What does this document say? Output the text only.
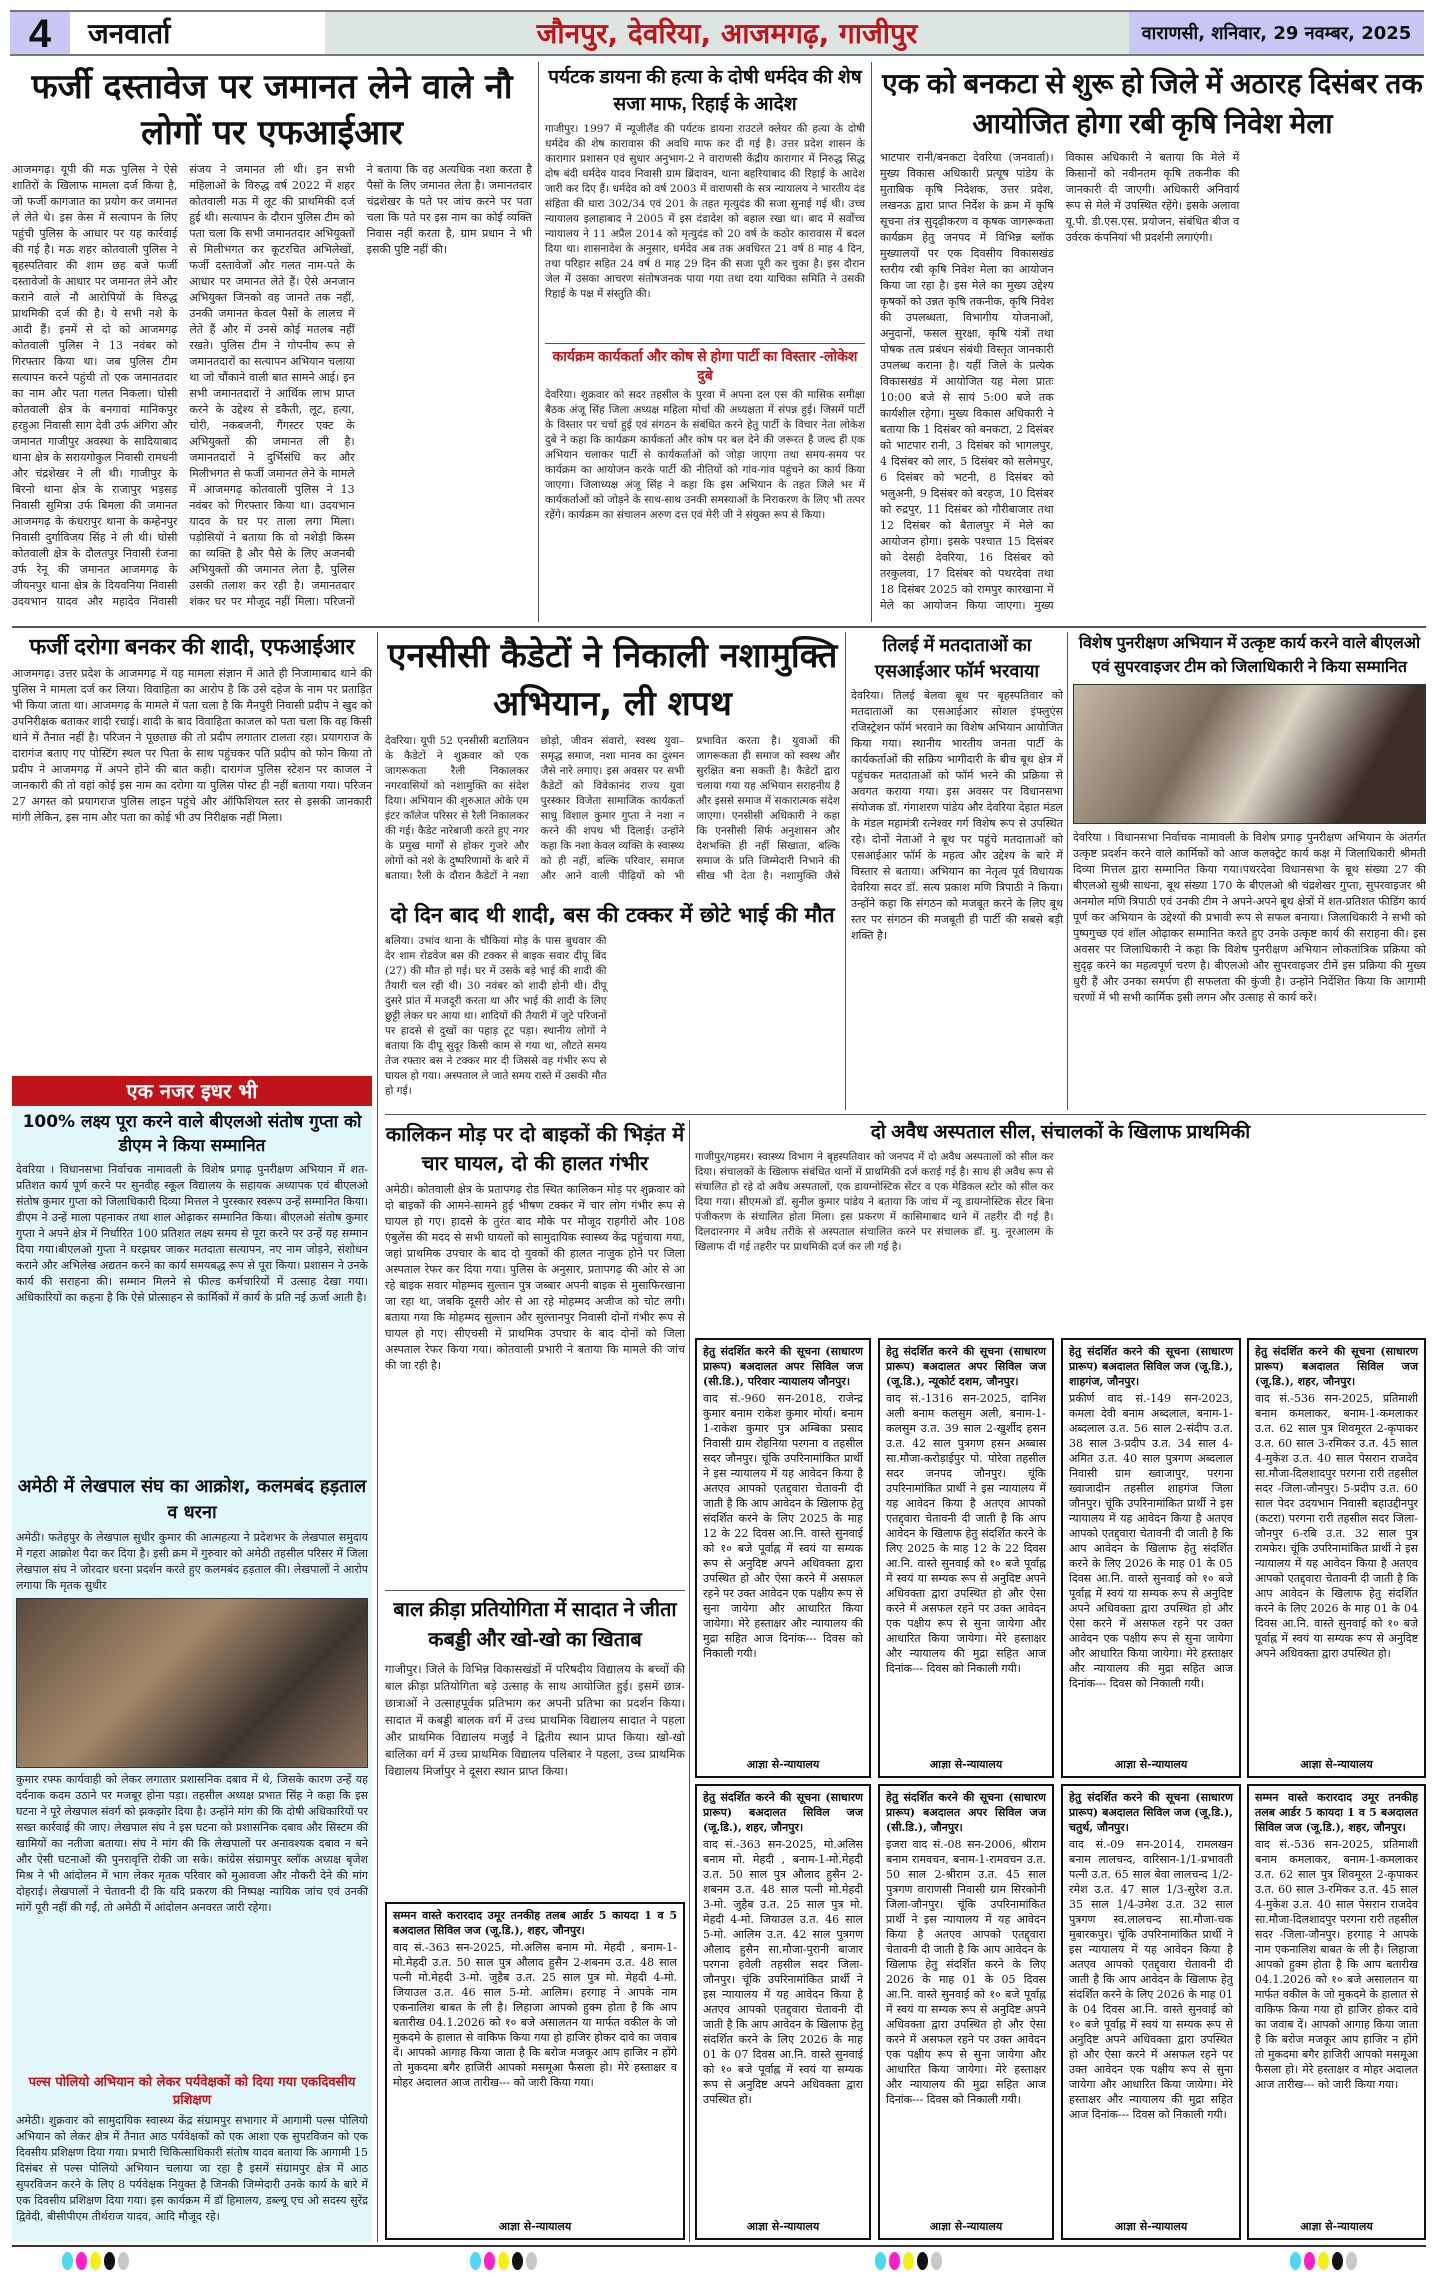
4	जनवार्ता	जौनपुर, देवरिया, आजमगढ़, गाजीपुर	वाराणसी, शनिवार, 29 नवम्बर, 2025
फर्जी दस्तावेज पर जमानत लेने वाले नौ लोगों पर एफआईआर
आजमगढ़। यूपी की मऊ पुलिस ने ऐसे शातिरों के खिलाफ मामला दर्ज किया है, जो फर्जी कागजात का प्रयोग कर जमानत ले लेते थे। इस केस में सत्यापन के लिए पहुंची पुलिस के आधार पर यह कार्रवाई की गई है। मऊ शहर कोतवाली पुलिस ने बृहस्पतिवार की शाम छह बजे फर्जी दस्तावेजों के आधार पर जमानत लेने और कराने वाले नौ आरोपियों के विरुद्ध प्राथमिकी दर्ज की है। ये सभी नशे के आदी हैं। इनमें से दो को आजमगढ़ कोतवाली पुलिस ने 13 नवंबर को गिरफ्तार किया था। जब पुलिस टीम सत्यापन करने पहुंची तो एक जमानतदार का नाम और पता गलत निकला। घोसी कोतवाली क्षेत्र के बनगावां मानिकपुर हरहुआ निवासी साग देवी उर्फ अंगिरा और जमानत गाजीपुर अवस्था के सादियाबाद थाना क्षेत्र के सरायगोकुल निवासी रामधनी और चंद्रशेखर ने ली थी। गाजीपुर के बिरनो थाना क्षेत्र के राजापुर भड़सड़ निवासी सुमित्रा उर्फ बिमला की जमानत आजमगढ़ के कंधरापुर थाना के कम्हेनपुर निवासी दुर्गाविजय सिंह ने ली थी। घोसी कोतवाली क्षेत्र के दौलतपुर निवासी रंजना उर्फ रेनू की जमानत आजमगढ़ के जीयनपुर थाना क्षेत्र के दियवनिया निवासी उदयभान यादव और महादेव निवासी संजय ने जमानत ली थी। इन सभी महिलाओं के विरुद्ध वर्ष 2022 में शहर कोतवाली मऊ में लूट की प्राथमिकी दर्ज हुई थी। सत्यापन के दौरान पुलिस टीम को पता चला कि सभी जमानतदार अभियुक्तों से मिलीभगत कर कूटरचित अभिलेखों, फर्जी दस्तावेजों और गलत नाम-पते के आधार पर जमानत लेते हैं। ऐसे अनजान अभियुक्त जिनको वह जानते तक नहीं, उनकी जमानत केवल पैसों के लालच में लेते हैं और में उनसे कोई मतलब नहीं रखते। पुलिस टीम ने गोपनीय रूप से जमानतदारों का सत्यापन अभियान चलाया था जो चौंकाने वाली बात सामने आई। इन सभी जमानतदारों ने आर्थिक लाभ प्राप्त करने के उद्देश्य से डकैती, लूट, हत्या, चोरी, नकबजनी, गैंगस्टर एक्ट के अभियुक्तों की जमानत ली है। जमानतदारों ने दुर्भिसंधि कर और मिलीभगत से फर्जी जमानत लेने के मामले में आजमगढ़ कोतवाली पुलिस ने 13 नवंबर को गिरफ्तार किया था। उदयभान यादव के घर पर ताला लगा मिला। पड़ोसियों ने बताया कि वो नशेड़ी किस्म का व्यक्ति है और पैसे के लिए अजनबी अभियुक्तों की जमानत लेता है, पुलिस उसकी तलाश कर रही है। जमानतदार शंकर घर पर मौजूद नहीं मिला। परिजनों ने बताया कि वह अत्यधिक नशा करता है पैसों के लिए जमानत लेता है। जमानतदार चंद्रशेखर के पते पर जांच करने पर पता चला कि पते पर इस नाम का कोई व्यक्ति निवास नहीं करता है, ग्राम प्रधान ने भी इसकी पुष्टि नहीं की।
पर्यटक डायना की हत्या के दोषी धर्मदेव की शेष सजा माफ, रिहाई के आदेश
गाजीपुर। 1997 में न्यूजीलैंड की पर्यटक डायना राउटले क्लेयर की हत्या के दोषी धर्मदेव की शेष कारावास की अवधि माफ कर दी गई है। उत्तर प्रदेश शासन के कारागार प्रशासन एवं सुधार अनुभाग-2 ने वाराणसी केंद्रीय कारागार में निरुद्ध सिद्ध दोष बंदी धर्मदेव यादव निवासी ग्राम ब्रिंदावन, थाना बहरियाबाद की रिहाई के आदेश जारी कर दिए हैं। धर्मदेव को वर्ष 2003 में वाराणसी के सत्र न्यायालय ने भारतीय दंड संहिता की धारा 302/34 एवं 201 के तहत मृत्युदंड की सजा सुनाई गई थी। उच्च न्यायालय इलाहाबाद ने 2005 में इस दंडादेश को बहाल रखा था। बाद में सर्वोच्च न्यायालय ने 11 अप्रैल 2014 को मृत्युदंड को 20 वर्ष के कठोर कारावास में बदल दिया था। शासनादेश के अनुसार, धर्मदेव अब तक अवधिरत 21 वर्ष 8 माह 4 दिन, तथा परिहार सहित 24 वर्ष 8 माह 29 दिन की सजा पूरी कर चुका है। इस दौरान जेल में उसका आचरण संतोषजनक पाया गया तथा दया याचिका समिति ने उसकी रिहाई के पक्ष में संस्तुति की।
कार्यक्रम कार्यकर्ता और कोष से होगा पार्टी का विस्तार -लोकेश दुबे
देवरिया। शुक्रवार को सदर तहसील के पुरवा में अपना दल एस की मासिक समीक्षा बैठक अंजू सिंह जिला अध्यक्ष महिला मोर्चा की अध्यक्षता में संपन्न हुई। जिसमें पार्टी के विस्तार पर चर्चा हुई एवं संगठन के संबंधित करने हेतु पार्टी के विचार नेता लोकेश दुबे ने कहा कि कार्यक्रम कार्यकर्ता और कोष पर बल देने की जरूरत है जल्द ही एक अभियान चलाकर पार्टी से कार्यकर्ताओं को जोड़ा जाएगा तथा समय-समय पर कार्यक्रम का आयोजन करके पार्टी की नीतियों को गांव-गांव पहुंचने का कार्य किया जाएगा। जिलाध्यक्ष अंजू सिंह ने कहा कि इस अभियान के तहत जिले भर में कार्यकर्ताओं को जोड़ने के साथ-साथ उनकी समस्याओं के निराकरण के लिए भी तत्पर रहेंगे। कार्यक्रम का संचालन अरुण दत्त एवं मेरी जी ने संयुक्त रूप से किया।
एक को बनकटा से शुरू हो जिले में अठारह दिसंबर तक आयोजित होगा रबी कृषि निवेश मेला
भाटपार रानी/बनकटा देवरिया (जनवार्ता)। मुख्य विकास अधिकारी प्रत्यूष पांडेय के मुताबिक कृषि निदेशक, उत्तर प्रदेश, लखनऊ द्वारा प्राप्त निर्देश के क्रम में कृषि सूचना तंत्र सुदृढ़ीकरण व कृषक जागरूकता कार्यक्रम हेतु जनपद में विभिन्न ब्लॉक मुख्यालयों पर एक दिवसीय विकासखंड स्तरीय रबी कृषि निवेश मेला का आयोजन किया जा रहा है। इस मेले का मुख्य उद्देश्य कृषकों को उन्नत कृषि तकनीक, कृषि निवेश की उपलब्धता, विभागीय योजनाओं, अनुदानों, फसल सुरक्षा, कृषि यंत्रों तथा पोषक तत्व प्रबंधन संबंधी विस्तृत जानकारी उपलब्ध कराना है। यहीं जिले के प्रत्येक विकासखंड में आयोजित यह मेला प्रातः 10:00 बजे से सायं 5:00 बजे तक कार्यशील रहेगा। मुख्य विकास अधिकारी ने बताया कि 1 दिसंबर को बनकटा, 2 दिसंबर को भाटपार रानी, 3 दिसंबर को भागलपुर, 4 दिसंबर को लार, 5 दिसंबर को सलेमपुर, 6 दिसंबर को भटनी, 8 दिसंबर को भलुअनी, 9 दिसंबर को बरहज, 10 दिसंबर को रुद्रपुर, 11 दिसंबर को गौरीबाजार तथा 12 दिसंबर को बैतालपुर में मेले का आयोजन होगा। इसके पश्चात 15 दिसंबर को देसही देवरिया, 16 दिसंबर को तरकुलवा, 17 दिसंबर को पथरदेवा तथा 18 दिसंबर 2025 को रामपुर कारखाना में मेले का आयोजन किया जाएगा। मुख्य विकास अधिकारी ने बताया कि मेले में किसानों को नवीनतम कृषि तकनीक की जानकारी दी जाएगी। अधिकारी अनिवार्य रूप से मेले में उपस्थित रहेंगे। इसके अलावा यू.पी. डी.एस.एस. प्रयोजन, संबंधित बीज व उर्वरक कंपनियां भी प्रदर्शनी लगाएंगी।
फर्जी दरोगा बनकर की शादी, एफआईआर
आजमगढ़। उत्तर प्रदेश के आजमगढ़ में यह मामला संज्ञान में आते ही निजामाबाद थाने की पुलिस ने मामला दर्ज कर लिया। विवाहिता का आरोप है कि उसे दहेज के नाम पर प्रताड़ित भी किया जाता था। आजमगढ़ के मामले में पता चला है कि मैनपुरी निवासी प्रदीप ने खुद को उपनिरीक्षक बताकर शादी रचाई। शादी के बाद विवाहिता काजल को पता चला कि वह किसी थाने में तैनात नहीं है। परिजन ने पूछताछ की तो प्रदीप लगातार टालता रहा। प्रयागराज के दारागंज बताए गए पोस्टिंग स्थल पर पिता के साथ पहुंचकर पति प्रदीप को फोन किया तो प्रदीप ने आजमगढ़ में अपने होने की बात कही। दारागंज पुलिस स्टेशन पर काजल ने जानकारी की तो वहां कोई इस नाम का दरोगा या पुलिस पोस्ट ही नहीं बताया गया। परिजन 27 अगस्त को प्रयागराज पुलिस लाइन पहुंचे और ऑफिशियल स्तर से इसकी जानकारी मांगी लेकिन, इस नाम और पता का कोई भी उप निरीक्षक नहीं मिला।
एनसीसी कैडेटों ने निकाली नशामुक्ति अभियान, ली शपथ
देवरिया। यूपी 52 एनसीसी बटालियन के कैडेटों ने शुक्रवार को एक जागरूकता रैली निकालकर नगरवासियों को नशामुक्ति का संदेश दिया। अभियान की शुरुआत ओके एम इंटर कॉलेज परिसर से रैली निकालकर की गई। कैडेट नारेबाजी करते हुए नगर के प्रमुख मार्गों से होकर गुजरे और लोगों को नशे के दुष्परिणामों के बारे में बताया। रैली के दौरान कैडेटों ने नशा छोड़ो, जीवन संवारो, स्वस्थ युवा–समृद्ध समाज, नशा मानव का दुश्मन जैसे नारे लगाए। इस अवसर पर सभी कैडेटों को विवेकानंद राज्य युवा पुरस्कार विजेता सामाजिक कार्यकर्ता साधु विशाल कुमार गुप्ता ने नशा न करने की शपथ भी दिलाई। उन्होंने कहा कि नशा केवल व्यक्ति के स्वास्थ्य को ही नहीं, बल्कि परिवार, समाज और आने वाली पीढ़ियों को भी प्रभावित करता है। युवाओं की जागरूकता ही समाज को स्वस्थ और सुरक्षित बना सकती है। कैडेटों द्वारा चलाया गया यह अभियान सराहनीय है और इससे समाज में सकारात्मक संदेश जाएगा। एनसीसी अधिकारी ने कहा कि एनसीसी सिर्फ अनुशासन और देशभक्ति ही नहीं सिखाता, बल्कि समाज के प्रति जिम्मेदारी निभाने की सीख भी देता है। नशामुक्ति जैसे
तिलई में मतदाताओं का एसआईआर फॉर्म भरवाया
देवरिया। तिलई बेलवा बूथ पर बृहस्पतिवार को मतदाताओं का एसआईआर सोशल इंफ्लुएंस रजिस्ट्रेशन फॉर्म भरवाने का विशेष अभियान आयोजित किया गया। स्थानीय भारतीय जनता पार्टी के कार्यकर्ताओं की सक्रिय भागीदारी के बीच बूथ क्षेत्र में पहुंचकर मतदाताओं को फॉर्म भरने की प्रक्रिया से अवगत कराया गया। इस अवसर पर विधानसभा संयोजक डॉ. गंगाशरण पांडेय और देवरिया देहात मंडल के मंडल महामंत्री रत्नेश्वर गर्ग विशेष रूप से उपस्थित रहे। दोनों नेताओं ने बूथ पर पहुंचे मतदाताओं को एसआईआर फॉर्म के महत्व और उद्देश्य के बारे में विस्तार से बताया। अभियान का नेतृत्व पूर्व विधायक देवरिया सदर डॉ. सत्य प्रकाश मणि त्रिपाठी ने किया। उन्होंने कहा कि संगठन को मजबूत करने के लिए बूथ स्तर पर संगठन की मजबूती ही पार्टी की सबसे बड़ी शक्ति है।
विशेष पुनरीक्षण अभियान में उत्कृष्ट कार्य करने वाले बीएलओ एवं सुपरवाइजर टीम को जिलाधिकारी ने किया सम्मानित
देवरिया । विधानसभा निर्वाचक नामावली के विशेष प्रगाढ़ पुनरीक्षण अभियान के अंतर्गत उत्कृष्ट प्रदर्शन करने वाले कार्मिकों को आज कलक्ट्रेट कार्य कक्ष में जिलाधिकारी श्रीमती दिव्या मित्तल द्वारा सम्मानित किया गया।पथरदेवा विधानसभा के बूथ संख्या 27 की बीएलओ सुश्री साधना, बूथ संख्या 170 के बीएलओ श्री चंद्रशेखर गुप्ता, सुपरवाइजर श्री अनमोल मणि त्रिपाठी एवं उनकी टीम ने अपने-अपने बूथ क्षेत्रों में शत-प्रतिशत फीडिंग कार्य पूर्ण कर अभियान के उद्देश्यों की प्रभावी रूप से सफल बनाया। जिलाधिकारी ने सभी को पुष्पगुच्छ एवं शॉल ओढ़ाकर सम्मानित करते हुए उनके उत्कृष्ट कार्य की सराहना की। इस अवसर पर जिलाधिकारी ने कहा कि विशेष पुनरीक्षण अभियान लोकतांत्रिक प्रक्रिया को सुदृढ़ करने का महत्वपूर्ण चरण है। बीएलओ और सुपरवाइजर टीमें इस प्रक्रिया की मुख्य धुरी हैं और उनका समर्पण ही सफलता की कुंजी है। उन्होंने निर्देशित किया कि आगामी चरणों में भी सभी कार्मिक इसी लगन और उत्साह से कार्य करें।
दो दिन बाद थी शादी, बस की टक्कर में छोटे भाई की मौत
बलिया। उभांव थाना के चौकियां मोड़ के पास बुधवार की देर शाम रोडवेज बस की टक्कर से बाइक सवार दीपू बिंद (27) की मौत हो गई। घर में उसके बड़े भाई की शादी की तैयारी चल रही थी। 30 नवंबर को शादी होनी थी। दीपू दुसरे प्रांत में मजदूरी करता था और भाई की शादी के लिए छुट्टी लेकर घर आया था। शादियों की तैयारी में जुटे परिजनों पर हादसे से दुखों का पहाड़ टूट पड़ा। स्थानीय लोगों ने बताया कि दीपू सुदूर किसी काम से गया था, लौटते समय तेज रफ्तार बस ने टक्कर मार दी जिससे वह गंभीर रूप से घायल हो गया। अस्पताल ले जाते समय रास्ते में उसकी मौत हो गई।
एक नजर इधर भी
100% लक्ष्य पूरा करने वाले बीएलओ संतोष गुप्ता को डीएम ने किया सम्मानित
देवरिया । विधानसभा निर्वाचक नामावली के विशेष प्रगाढ़ पुनरीक्षण अभियान में शत-प्रतिशत कार्य पूर्ण करने पर सुनवीह स्कूल विद्यालय के सहायक अध्यापक एवं बीएलओ संतोष कुमार गुप्ता को जिलाधिकारी दिव्या मित्तल ने पुरस्कार स्वरूप उन्हें सम्मानित किया। डीएम ने उन्हें माला पहनाकर तथा शाल ओढ़ाकर सम्मानित किया। बीएलओ संतोष कुमार गुप्ता ने अपने क्षेत्र में निर्धारित 100 प्रतिशत लक्ष्य समय से पूरा करने पर उन्हें यह सम्मान दिया गया।बीएलओ गुप्ता ने घरझघर जाकर मतदाता सत्यापन, नए नाम जोड़ने, संशोधन कराने और अभिलेख अद्यतन करने का कार्य समयबद्ध रूप से पूरा किया। प्रशासन ने उनके कार्य की सराहना की। सम्मान मिलने से फील्ड कर्मचारियों में उत्साह देखा गया। अधिकारियों का कहना है कि ऐसे प्रोत्साहन से कार्मिकों में कार्य के प्रति नई ऊर्जा आती है।
अमेठी में लेखपाल संघ का आक्रोश, कलमबंद हड़ताल व धरना
अमेठी। फतेहपुर के लेखपाल सुधीर कुमार की आत्महत्या ने प्रदेशभर के लेखपाल समुदाय में गहरा आक्रोश पैदा कर दिया है। इसी क्रम में गुरुवार को अमेठी तहसील परिसर में जिला लेखपाल संघ ने जोरदार धरना प्रदर्शन करते हुए कलमबंद हड़ताल की। लेखपालों ने आरोप लगाया कि मृतक सुधीर
कुमार रफ्फ कार्यवाही को लेकर लगातार प्रशासनिक दबाव में थे, जिसके कारण उन्हें यह दर्दनाक कदम उठाने पर मजबूर होना पड़ा। तहसील अध्यक्ष प्रभात सिंह ने कहा कि इस घटना ने पूरे लेखपाल संवर्ग को झकझोर दिया है। उन्होंने मांग की कि दोषी अधिकारियों पर सख्त कार्रवाई की जाए। लेखपाल संघ ने इस घटना को प्रशासनिक दबाव और सिस्टम की खामियों का नतीजा बताया। संघ ने मांग की कि लेखपालों पर अनावश्यक दबाव न बने और ऐसी घटनाओं की पुनरावृत्ति रोकी जा सके। कांग्रेस संग्रामपुर ब्लॉक अध्यक्ष बृजेश मिश्र ने भी आंदोलन में भाग लेकर मृतक परिवार को मुआवजा और नौकरी देने की मांग दोहराई। लेखपालों ने चेतावनी दी कि यदि प्रकरण की निष्पक्ष न्यायिक जांच एवं उनकी मांगें पूरी नहीं की गईं, तो अमेठी में आंदोलन अनवरत जारी रहेगा।
पल्स पोलियो अभियान को लेकर पर्यवेक्षकों को दिया गया एकदिवसीय प्रशिक्षण
अमेठी। शुक्रवार को सामुदायिक स्वास्थ्य केंद्र संग्रामपुर सभागार में आगामी पल्स पोलियो अभियान को लेकर क्षेत्र में तैनात आठ पर्यवेक्षकों को एक आशा एक सुपरविजन को एक दिवसीय प्रशिक्षण दिया गया। प्रभारी चिकित्साधिकारी संतोष यादव बताया कि आगामी 15 दिसंबर से पल्स पोलियो अभियान चलाया जा रहा है इसमें संग्रामपुर क्षेत्र में आठ सुपरविजन करने के लिए 8 पर्यवेक्षक नियुक्त है जिनकी जिम्मेदारी उनके कार्य के बारे में एक दिवसीय प्रशिक्षण दिया गया। इस कार्यक्रम में डॉ हिमालय, डब्ल्यू एच ओ सदस्य सुरेंद्र द्विवेदी, बीसीपीएम तीर्थराज यादव, आदि मौजूद रहे।
कालिकन मोड़ पर दो बाइकों की भिड़ंत में चार घायल, दो की हालत गंभीर
अमेठी। कोतवाली क्षेत्र के प्रतापगढ़ रोड स्थित कालिकन मोड़ पर शुक्रवार को दो बाइकों की आमने-सामने हुई भीषण टक्कर में चार लोग गंभीर रूप से घायल हो गए। हादसे के तुरंत बाद मौके पर मौजूद राहगीरों और 108 एंबुलेंस की मदद से सभी घायलों को सामुदायिक स्वास्थ्य केंद्र पहुंचाया गया, जहां प्राथमिक उपचार के बाद दो युवकों की हालत नाजुक होने पर जिला अस्पताल रेफर कर दिया गया। पुलिस के अनुसार, प्रतापगढ़ की ओर से आ रहे बाइक सवार मोहम्मद सुल्तान पुत्र जब्बार अपनी बाइक से मुसाफिरखाना जा रहा था, जबकि दूसरी ओर से आ रहे मोहम्मद अजीज को चोट लगी। बताया गया कि मोहम्मद सुल्तान और सुल्तानपुर निवासी दोनों गंभीर रूप से घायल हो गए। सीएचसी में प्राथमिक उपचार के बाद दोनों को जिला अस्पताल रेफर किया गया। कोतवाली प्रभारी ने बताया कि मामले की जांच की जा रही है।
बाल क्रीड़ा प्रतियोगिता में सादात ने जीता कबड्डी और खो-खो का खिताब
गाजीपुर। जिले के विभिन्न विकासखंडों में परिषदीय विद्यालय के बच्चों की बाल क्रीड़ा प्रतियोगिता बड़े उत्साह के साथ आयोजित हुई। इसमें छात्र-छात्राओं ने उत्साहपूर्वक प्रतिभाग कर अपनी प्रतिभा का प्रदर्शन किया। सादात में कबड्डी बालक वर्ग में उच्च प्राथमिक विद्यालय सादात ने पहला और प्राथमिक विद्यालय मजुईं ने द्वितीय स्थान प्राप्त किया। खो-खो बालिका वर्ग में उच्च प्राथमिक विद्यालय पलिबार ने पहला, उच्च प्राथमिक विद्यालय मिर्जापुर ने दूसरा स्थान प्राप्त किया।
दो अवैध अस्पताल सील, संचालकों के खिलाफ प्राथमिकी
गाजीपुर/गहमर। स्वास्थ्य विभाग ने बृहस्पतिवार को जनपद में दो अवैध अस्पतालों को सील कर दिया। संचालकों के खिलाफ संबंधित थानों में प्राथमिकी दर्ज कराई गई है। साथ ही अवैध रूप से संचालित हो रहे दो अवैध अस्पतालों, एक डायग्नोस्टिक सेंटर व एक मेडिकल स्टोर को सील कर दिया गया। सीएमओ डॉ. सुनील कुमार पांडेय ने बताया कि जांच में न्यू डायग्नोस्टिक सेंटर बिना पंजीकरण के संचालित होता मिला। इस प्रकरण में कासिमाबाद थाने में तहरीर दी गई है। दिलदारनगर में अवैध तरीके से अस्पताल संचालित करने पर संचालक डॉ. मु. नूरआलम के खिलाफ दी गई तहरीर पर प्राथमिकी दर्ज कर ली गई है।
हेतु संदर्शित करने की सूचना (साधारण प्रारूप) बअदालत अपर सिविल जज (सी.डि.), परिवार न्यायालय जौनपुर।
वाद सं.-960 सन-2018, राजेन्द्र कुमार बनाम राकेश कुमार मोर्या। बनाम 1-राकेश कुमार पुत्र अम्बिका प्रसाद निवासी ग्राम रोहनिया परगना व तहसील सदर जौनपुर। चूंकि उपरिनामांकित प्रार्थी ने इस न्यायालय में यह आवेदन किया है अतएव आपको एतद्द्वारा चेतावनी दी जाती है कि आप आवेदन के खिलाफ हेतु संदर्शित करने के लिए 2025 के माह 12 के 22 दिवस आ.नि. वास्ते सुनवाई को १० बजे पूर्वाह्न में स्वयं या सम्यक रूप से अनुदिष्ट अपने अधिवक्ता द्वारा उपस्थित हो और ऐसा करने में असफल रहने पर उक्त आवेदन एक पक्षीय रूप से सुना जायेगा और आधारित किया जायेगा। मेरे हस्ताक्षर और न्यायालय की मुद्रा सहित आज दिनांक--- दिवस को निकाली गयी।
आज्ञा से-न्यायालय
हेतु संदर्शित करने की सूचना (साधारण प्रारूप) बअदालत अपर सिविल जज (जू.डि.), न्यूकोर्ट दशम, जौनपुर।
वाद सं.-1316 सन-2025, दानिश अली बनाम कलसुम अली, बनाम-1-कलसुम उ.त. 39 साल 2-खुर्शीद हसन उ.त. 42 साल पुत्रगण हसन अब्बास सा.मौजा-करोड़ाईपुर पो. पोरेवा तहसील सदर जनपद जौनपुर। चूंकि उपरिनामांकित प्रार्थी ने इस न्यायालय में यह आवेदन किया है अतएव आपको एतद्द्वारा चेतावनी दी जाती है कि आप आवेदन के खिलाफ हेतु संदर्शित करने के लिए 2025 के माह 12 के 22 दिवस आ.नि. वास्ते सुनवाई को १० बजे पूर्वाह्न में स्वयं या सम्यक रूप से अनुदिष्ट अपने अधिवक्ता द्वारा उपस्थित हो और ऐसा करने में असफल रहने पर उक्त आवेदन एक पक्षीय रूप से सुना जायेगा और आधारित किया जायेगा। मेरे हस्ताक्षर और न्यायालय की मुद्रा सहित आज दिनांक--- दिवस को निकाली गयी।
आज्ञा से-न्यायालय
हेतु संदर्शित करने की सूचना (साधारण प्रारूप) बअदालत सिविल जज (जू.डि.), शाहगंज, जौनपुर।
प्रकीर्ण वाद सं.-149 सन-2023, कमला देवी बनाम अब्दलाल, बनाम-1-अब्दलाल उ.त. 56 साल 2-संदीप उ.त. 38 साल 3-प्रदीप उ.त. 34 साल 4-अमित उ.त. 40 साल पुत्रगण अब्दलाल निवासी ग्राम ख्वाजापुर, परगना ख्वाजादीन तहसील शाहगंज जिला जौनपुर। चूंकि उपरिनामांकित प्रार्थी ने इस न्यायालय में यह आवेदन किया है अतएव आपको एतद्द्वारा चेतावनी दी जाती है कि आप आवेदन के खिलाफ हेतु संदर्शित करने के लिए 2026 के माह 01 के 05 दिवस आ.नि. वास्ते सुनवाई को १० बजे पूर्वाह्न में स्वयं या सम्यक रूप से अनुदिष्ट अपने अधिवक्ता द्वारा उपस्थित हो और ऐसा करने में असफल रहने पर उक्त आवेदन एक पक्षीय रूप से सुना जायेगा और आधारित किया जायेगा। मेरे हस्ताक्षर और न्यायालय की मुद्रा सहित आज दिनांक--- दिवस को निकाली गयी।
आज्ञा से-न्यायालय
हेतु संदर्शित करने की सूचना (साधारण प्रारूप) बअदालत सिविल जज (जू.डि.), शहर, जौनपुर।
वाद सं.-536 सन-2025, प्रतिमाशी बनाम कमलाकर, बनाम-1-कमलाकर उ.त. 62 साल पुत्र शिवमूरत 2-कृपाकर उ.त. 60 साल 3-रमिकर उ.त. 45 साल 4-मुकेश उ.त. 40 साल पेसरान राजदेव सा.मौजा-दिलशादपुर परगना रारी तहसील सदर -जिला-जौनपुर। 5-प्रदीप उ.त. 60 साल पेदर उदयभान निवासी बहाउद्दीनपुर (कटरा) परगना रारी तहसील सदर जिला-जौनपुर 6-रबि उ.त. 32 साल पुत्र रामफेर। चूंकि उपरिनामांकित प्रार्थी ने इस न्यायालय में यह आवेदन किया है अतएव आपको एतद्द्वारा चेतावनी दी जाती है कि आप आवेदन के खिलाफ हेतु संदर्शित करने के लिए 2026 के माह 01 के 04 दिवस आ.नि. वास्ते सुनवाई को १० बजे पूर्वाह्न में स्वयं या सम्यक रूप से अनुदिष्ट अपने अधिवक्ता द्वारा उपस्थित हो।
आज्ञा से-न्यायालय
हेतु संदर्शित करने की सूचना (साधारण प्रारूप) बअदालत सिविल जज (जू.डि.), शहर, जौनपुर।
वाद सं.-363 सन-2025, मो.अलिस बनाम मो. मेहदी , बनाम-1-मो.मेहदी उ.त. 50 साल पुत्र औलाद हुसैन 2-शबनम उ.त. 48 साल पत्नी मो.मेहदी 3-मो. जुहैब उ.त. 25 साल पुत्र मो. मेहदी 4-मो. जियाउल उ.त. 46 साल 5-मो. आलिम उ.त. 42 साल पुत्रगण औलाद हुसैन सा.मौजा-पुरानी बाजार परगना हवेली तहसील सदर जिला-जौनपुर। चूंकि उपरिनामांकित प्रार्थी ने इस न्यायालय में यह आवेदन किया है अतएव आपको एतद्द्वारा चेतावनी दी जाती है कि आप आवेदन के खिलाफ हेतु संदर्शित करने के लिए 2026 के माह 01 के 07 दिवस आ.नि. वास्ते सुनवाई को १० बजे पूर्वाह्न में स्वयं या सम्यक रूप से अनुदिष्ट अपने अधिवक्ता द्वारा उपस्थित हो।
आज्ञा से-न्यायालय
हेतु संदर्शित करने की सूचना (साधारण प्रारूप) बअदालत अपर सिविल जज (सी.डि.), जौनपुर।
इजरा वाद सं.-08 सन-2006, श्रीराम बनाम रामवचन, बनाम-1-रामवचन उ.त. 50 साल 2-श्रीराम उ.त. 45 साल पुत्रगण वाराणसी निवासी ग्राम सिरकोनी जिला-जौनपुर। चूंकि उपरिनामांकित प्रार्थी ने इस न्यायालय में यह आवेदन किया है अतएव आपको एतद्द्वारा चेतावनी दी जाती है कि आप आवेदन के खिलाफ हेतु संदर्शित करने के लिए 2026 के माह 01 के 05 दिवस आ.नि. वास्ते सुनवाई को १० बजे पूर्वाह्न में स्वयं या सम्यक रूप से अनुदिष्ट अपने अधिवक्ता द्वारा उपस्थित हो और ऐसा करने में असफल रहने पर उक्त आवेदन एक पक्षीय रूप से सुना जायेगा और आधारित किया जायेगा। मेरे हस्ताक्षर और न्यायालय की मुद्रा सहित आज दिनांक--- दिवस को निकाली गयी।
आज्ञा से-न्यायालय
हेतु संदर्शित करने की सूचना (साधारण प्रारूप) बअदालत सिविल जज (जू.डि.), चतुर्थ, जौनपुर।
वाद सं.-09 सन-2014, रामलखन बनाम लालचन्द, वारिसान-1/1-प्रभावती पत्नी उ.त. 65 साल बेवा लालचन्द 1/2-रमेश उ.त. 47 साल 1/3-सुरेश उ.त. 35 साल 1/4-उमेश उ.त. 32 साल पुत्रगण स्व.लालचन्द सा.मौजा-चक मुबारकपुर। चूंकि उपरिनामांकित प्रार्थी ने इस न्यायालय में यह आवेदन किया है अतएव आपको एतद्द्वारा चेतावनी दी जाती है कि आप आवेदन के खिलाफ हेतु संदर्शित करने के लिए 2026 के माह 01 के 04 दिवस आ.नि. वास्ते सुनवाई को १० बजे पूर्वाह्न में स्वयं या सम्यक रूप से अनुदिष्ट अपने अधिवक्ता द्वारा उपस्थित हो और ऐसा करने में असफल रहने पर उक्त आवेदन एक पक्षीय रूप से सुना जायेगा और आधारित किया जायेगा। मेरे हस्ताक्षर और न्यायालय की मुद्रा सहित आज दिनांक--- दिवस को निकाली गयी।
आज्ञा से-न्यायालय
सम्मन वास्ते करारदाद उमूर तनकीह तलब आर्डर 5 कायदा 1 व 5 बअदालत सिविल जज (जू.डि.), शहर, जौनपुर।
वाद सं.-536 सन-2025, प्रतिमाशी बनाम कमलाकर, बनाम-1-कमलाकर उ.त. 62 साल पुत्र शिवमूरत 2-कृपाकर उ.त. 60 साल 3-रमिकर उ.त. 45 साल 4-मुकेश उ.त. 40 साल पेसरान राजदेव सा.मौजा-दिलशादपुर परगना रारी तहसील सदर -जिला-जौनपुर। हरगाह ने आपके नाम एकनालिश बाबत के ली है। लिहाजा आपको हुक्म होता है कि आप बतारीख 04.1.2026 को १० बजे असालतन या मार्फत वकील के जो मुकदमे के हालात से वाकिफ किया गया हो हाजिर होकर दावे का जवाब दें। आपको आगाह किया जाता है कि बरोज मजकूर आप हाजिर न होंगे तो मुकदमा बगैर हाजिरी आपको मसमूआ फैसला हो। मेरे हस्ताक्षर व मोहर अदालत आज तारीख--- को जारी किया गया।
आज्ञा से-न्यायालय
सम्मन वास्ते करारदाद उमूर तनकीह तलब आर्डर 5 कायदा 1 व 5 बअदालत सिविल जज (जू.डि.), शहर, जौनपुर।
वाद सं.-363 सन-2025, मो.अलिस बनाम मो. मेहदी , बनाम-1-मो.मेहदी उ.त. 50 साल पुत्र औलाद हुसैन 2-शबनम उ.त. 48 साल पत्नी मो.मेहदी 3-मो. जुहैब उ.त. 25 साल पुत्र मो. मेहदी 4-मो. जियाउल उ.त. 46 साल 5-मो. आलिम। हरगाह ने आपके नाम एकनालिश बाबत के ली है। लिहाजा आपको हुक्म होता है कि आप बतारीख 04.1.2026 को १० बजे असालतन या मार्फत वकील के जो मुकदमे के हालात से वाकिफ किया गया हो हाजिर होकर दावे का जवाब दें। आपको आगाह किया जाता है कि बरोज मजकूर आप हाजिर न होंगे तो मुकदमा बगैर हाजिरी आपको मसमूआ फैसला हो। मेरे हस्ताक्षर व मोहर अदालत आज तारीख--- को जारी किया गया।
आज्ञा से-न्यायालय
